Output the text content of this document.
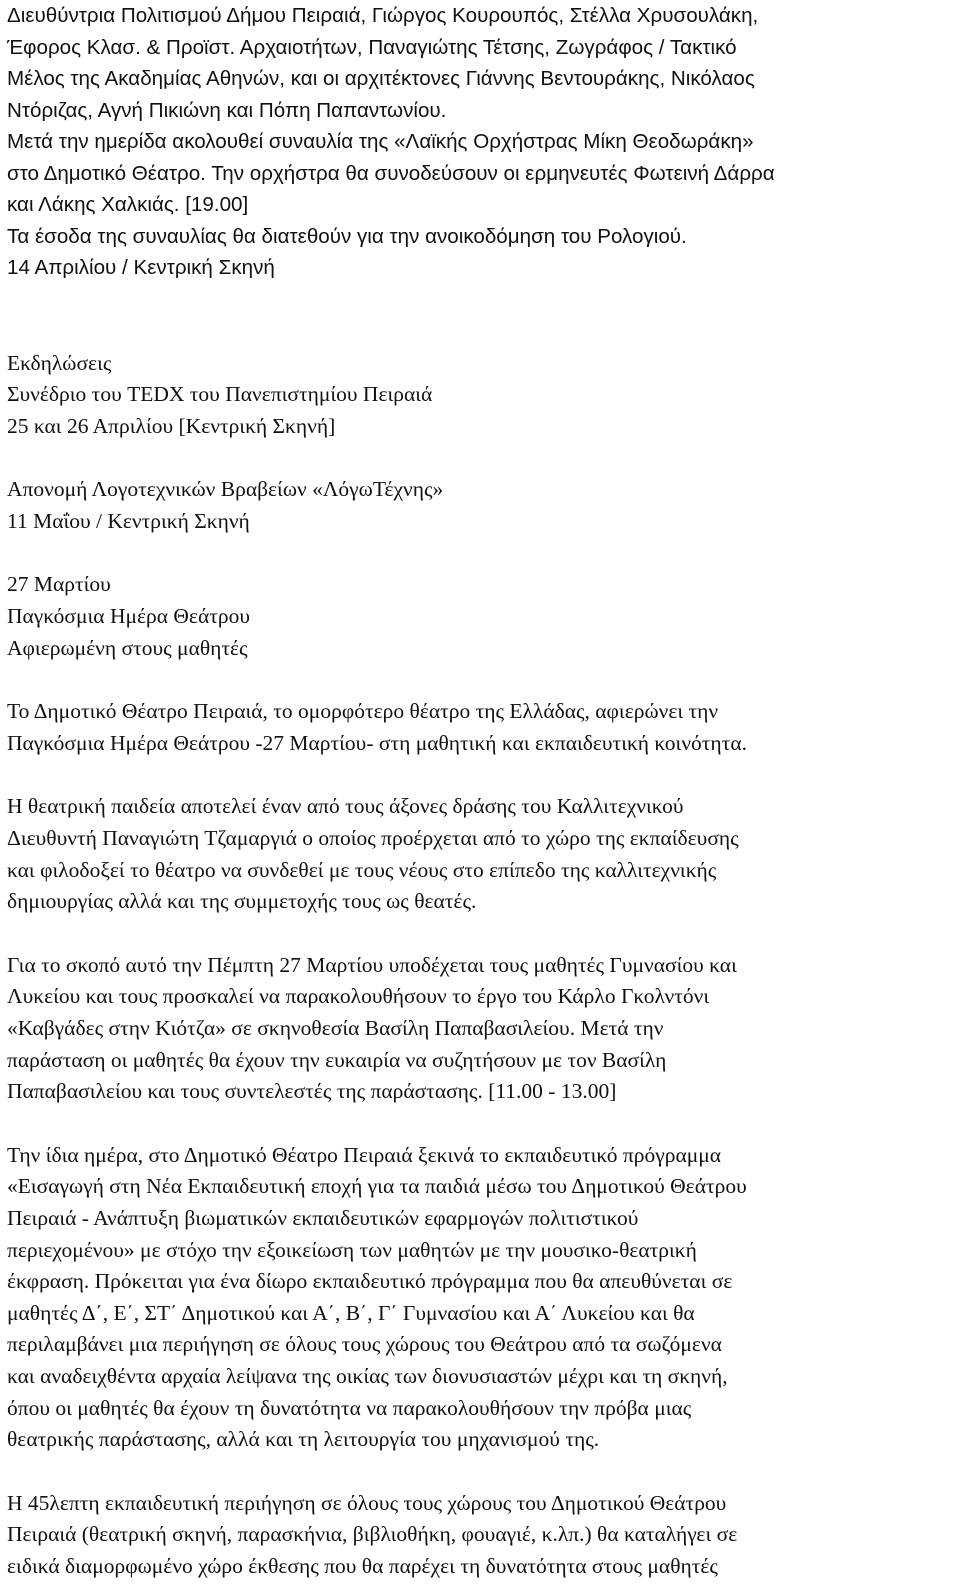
Διευθύντρια Πολιτισμού Δήμου Πειραιά, Γιώργος Κουρουπός, Στέλλα Χρυσουλάκη,
Έφορος Κλασ. & Προϊστ. Αρχαιοτήτων, Παναγιώτης Τέτσης, Ζωγράφος / Τακτικό
Μέλος της Ακαδημίας Αθηνών, και οι αρχιτέκτονες Γιάννης Βεντουράκης, Νικόλαος
Ντόριζας, Αγνή Πικιώνη και Πόπη Παπαντωνίου.
Μετά την ημερίδα ακολουθεί συναυλία της «Λαϊκής Ορχήστρας Μίκη Θεοδωράκη»
στο Δημοτικό Θέατρο. Την ορχήστρα θα συνοδεύσουν οι ερμηνευτές Φωτεινή Δάρρα
και Λάκης Χαλκιάς. [19.00]
Τα έσοδα της συναυλίας θα διατεθούν για την ανοικοδόμηση του Ρολογιού.
14 Απριλίου / Κεντρική Σκηνή
Εκδηλώσεις
Συνέδριο του TEDX του Πανεπιστημίου Πειραιά
25 και 26 Απριλίου [Κεντρική Σκηνή]
Απονομή Λογοτεχνικών Βραβείων «ΛόγωΤέχνης»
11 Μαΐου / Κεντρική Σκηνή
27 Μαρτίου
Παγκόσμια Ημέρα Θεάτρου
Αφιερωμένη στους μαθητές
Το Δημοτικό Θέατρο Πειραιά, το ομορφότερο θέατρο της Ελλάδας, αφιερώνει την
Παγκόσμια Ημέρα Θεάτρου -27 Μαρτίου- στη μαθητική και εκπαιδευτική κοινότητα.
Η θεατρική παιδεία αποτελεί έναν από τους άξονες δράσης του Καλλιτεχνικού
Διευθυντή Παναγιώτη Τζαμαργιά ο οποίος προέρχεται από το χώρο της εκπαίδευσης
και φιλοδοξεί το θέατρο να συνδεθεί με τους νέους στο επίπεδο της καλλιτεχνικής
δημιουργίας αλλά και της συμμετοχής τους ως θεατές.
Για το σκοπό αυτό την Πέμπτη 27 Μαρτίου υποδέχεται τους μαθητές Γυμνασίου και
Λυκείου και τους προσκαλεί να παρακολουθήσουν το έργο του Κάρλο Γκολντόνι
«Καβγάδες στην Κιότζα» σε σκηνοθεσία Βασίλη Παπαβασιλείου. Μετά την
παράσταση οι μαθητές θα έχουν την ευκαιρία να συζητήσουν με τον Βασίλη
Παπαβασιλείου και τους συντελεστές της παράστασης. [11.00 - 13.00]
Την ίδια ημέρα, στο Δημοτικό Θέατρο Πειραιά ξεκινά το εκπαιδευτικό πρόγραμμα
«Εισαγωγή στη Νέα Εκπαιδευτική εποχή για τα παιδιά μέσω του Δημοτικού Θεάτρου
Πειραιά - Ανάπτυξη βιωματικών εκπαιδευτικών εφαρμογών πολιτιστικού
περιεχομένου» με στόχο την εξοικείωση των μαθητών με την μουσικο-θεατρική
έκφραση. Πρόκειται για ένα δίωρο εκπαιδευτικό πρόγραμμα που θα απευθύνεται σε
μαθητές Δ΄, Ε΄, ΣΤ΄ Δημοτικού και Α΄, Β΄, Γ΄ Γυμνασίου και Α΄ Λυκείου και θα
περιλαμβάνει μια περιήγηση σε όλους τους χώρους του Θεάτρου από τα σωζόμενα
και αναδειχθέντα αρχαία λείψανα της οικίας των διονυσιαστών μέχρι και τη σκηνή,
όπου οι μαθητές θα έχουν τη δυνατότητα να παρακολουθήσουν την πρόβα μιας
θεατρικής παράστασης, αλλά και τη λειτουργία του μηχανισμού της.
Η 45λεπτη εκπαιδευτική περιήγηση σε όλους τους χώρους του Δημοτικού Θεάτρου
Πειραιά (θεατρική σκηνή, παρασκήνια, βιβλιοθήκη, φουαγιέ, κ.λπ.) θα καταλήγει σε
ειδικά διαμορφωμένο χώρο έκθεσης που θα παρέχει τη δυνατότητα στους μαθητές
